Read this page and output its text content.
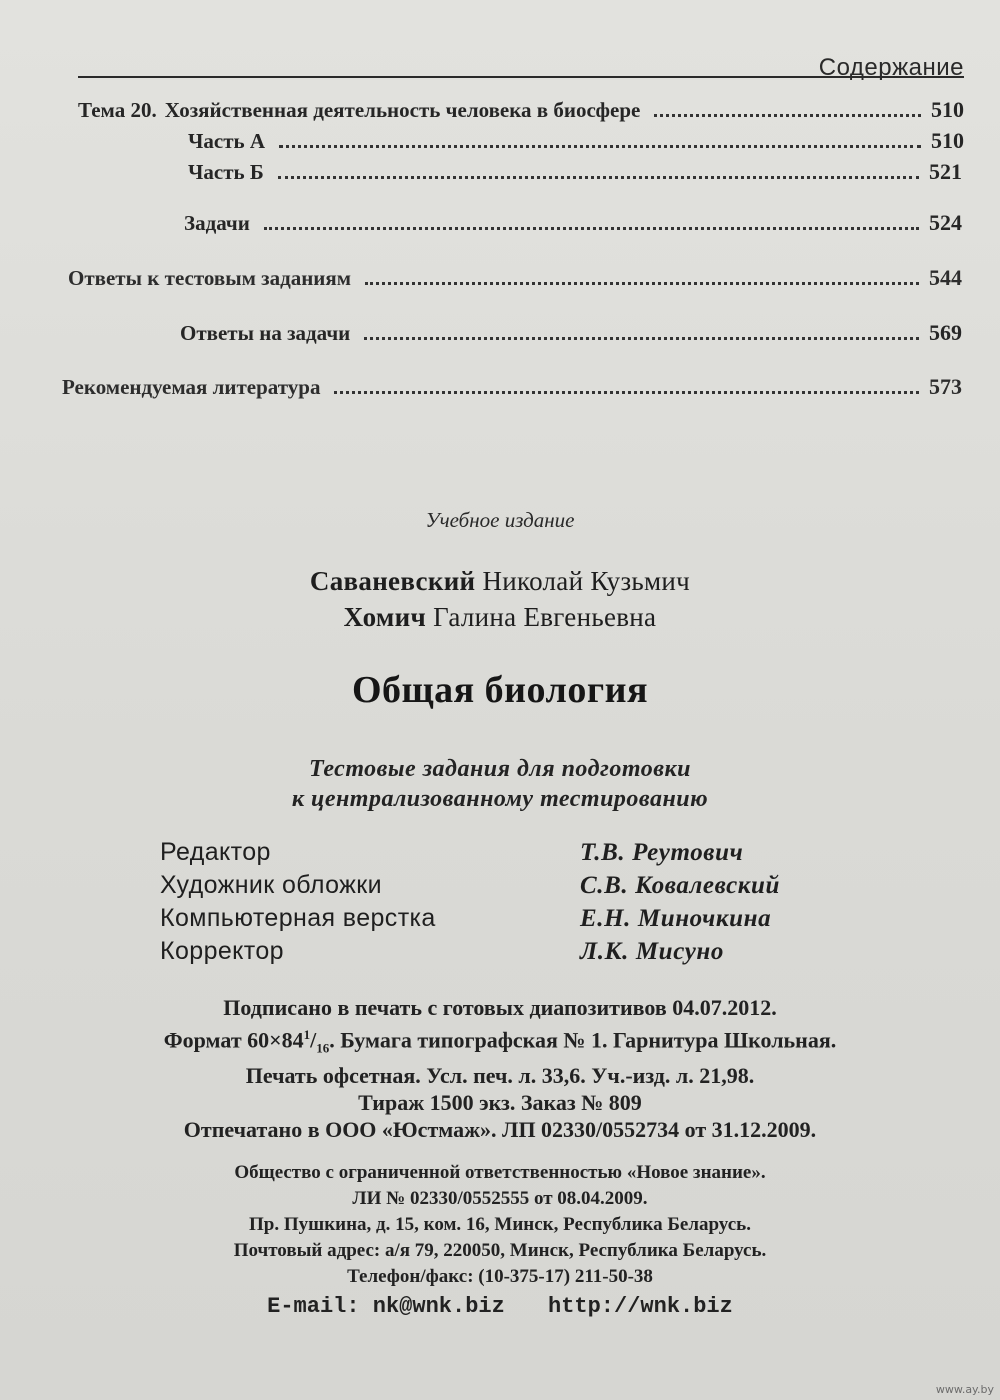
Содержание
Тема 20. Хозяйственная деятельность человека в биосфере	510
Часть А	510
Часть Б	521
Задачи	524
Ответы к тестовым заданиям	544
Ответы на задачи	569
Рекомендуемая литература	573
Учебное издание
Саваневский Николай Кузьмич
Хомич Галина Евгеньевна
Общая биология
Тестовые задания для подготовки
к централизованному тестированию
Редактор	Т.В. Реутович
Художник обложки	С.В. Ковалевский
Компьютерная верстка	Е.Н. Миночкина
Корректор	Л.К. Мисуно
Подписано в печать с готовых диапозитивов 04.07.2012.
Формат $60\times 84^1/_{16}$. Бумага типографская № 1. Гарнитура Школьная.
Печать офсетная. Усл. печ. л. 33,6. Уч.-изд. л. 21,98.
Тираж 1500 экз. Заказ № 809
Отпечатано в ООО «Юстмаж». ЛП 02330/0552734 от 31.12.2009.
Общество с ограниченной ответственностью «Новое знание».
ЛИ № 02330/0552555 от 08.04.2009.
Пр. Пушкина, д. 15, ком. 16, Минск, Республика Беларусь.
Почтовый адрес: а/я 79, 220050, Минск, Республика Беларусь.
Телефон/факс: (10-375-17) 211-50-38
E-mail: nk@wnk.biz http://wnk.biz
www.ay.by
